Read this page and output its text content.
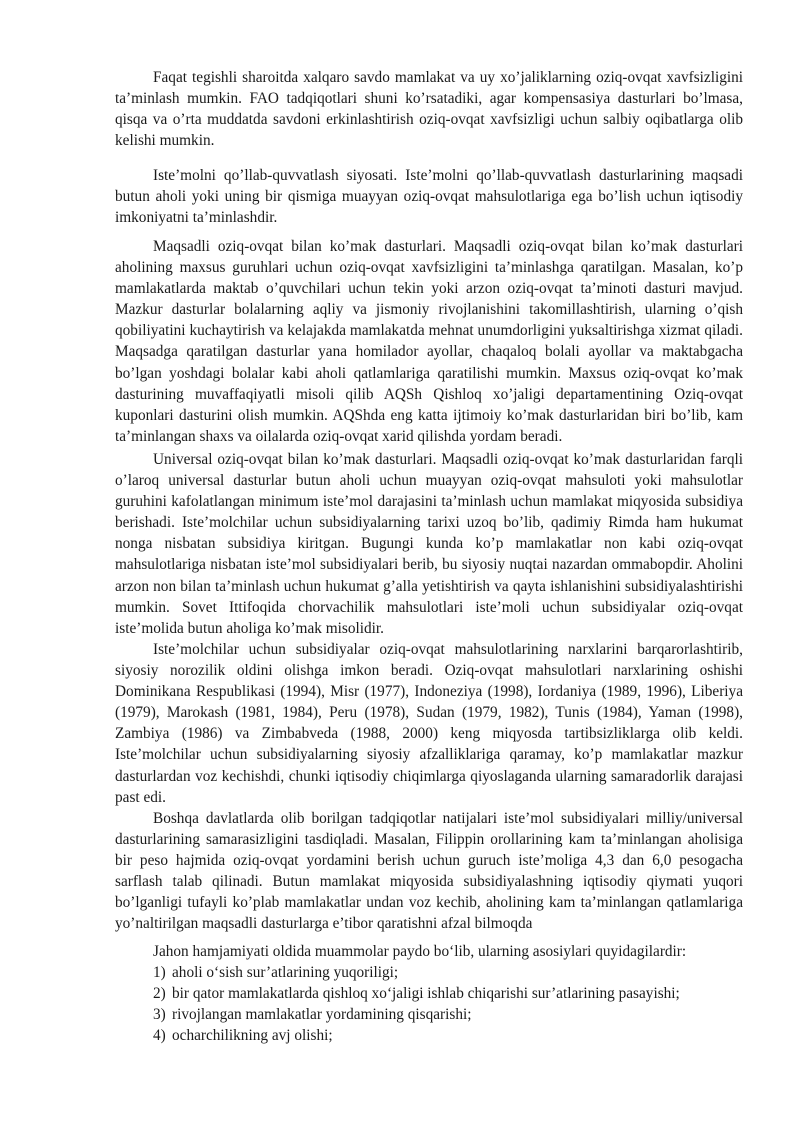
Faqat tegishli sharoitda xalqaro savdo mamlakat va uy xo’jaliklarning oziq-ovqat xavfsizligini ta’minlash mumkin. FAO tadqiqotlari shuni ko’rsatadiki, agar kompensasiya dasturlari bo’lmasa, qisqa va o’rta muddatda savdoni erkinlashtirish oziq-ovqat xavfsizligi uchun salbiy oqibatlarga olib kelishi mumkin.

Iste’molni qo’llab-quvvatlash siyosati. Iste’molni qo’llab-quvvatlash dasturlarining maqsadi butun aholi yoki uning bir qismiga muayyan oziq-ovqat mahsulotlariga ega bo’lish uchun iqtisodiy imkoniyatni ta’minlashdir.

Maqsadli oziq-ovqat bilan ko’mak dasturlari. Maqsadli oziq-ovqat bilan ko’mak dasturlari aholining maxsus guruhlari uchun oziq-ovqat xavfsizligini ta’minlashga qaratilgan. Masalan, ko’p mamlakatlarda maktab o’quvchilari uchun tekin yoki arzon oziq-ovqat ta’minoti dasturi mavjud. Mazkur dasturlar bolalarning aqliy va jismoniy rivojlanishini takomillashtirish, ularning o’qish qobiliyatini kuchaytirish va kelajakda mamlakatda mehnat unumdorligini yuksaltirishga xizmat qiladi. Maqsadga qaratilgan dasturlar yana homilador ayollar, chaqaloq bolali ayollar va maktabgacha bo’lgan yoshdagi bolalar kabi aholi qatlamlariga qaratilishi mumkin. Maxsus oziq-ovqat ko’mak dasturining muvaffaqiyatli misoli qilib AQSh Qishloq xo’jaligi departamentining Oziq-ovqat kuponlari dasturini olish mumkin. AQShda eng katta ijtimoiy ko’mak dasturlaridan biri bo’lib, kam ta’minlangan shaxs va oilalarda oziq-ovqat xarid qilishda yordam beradi.

Universal oziq-ovqat bilan ko’mak dasturlari. Maqsadli oziq-ovqat ko’mak dasturlaridan farqli o’laroq universal dasturlar butun aholi uchun muayyan oziq-ovqat mahsuloti yoki mahsulotlar guruhini kafolatlangan minimum iste’mol darajasini ta’minlash uchun mamlakat miqyosida subsidiya berishadi. Iste’molchilar uchun subsidiyalarning tarixi uzoq bo’lib, qadimiy Rimda ham hukumat nonga nisbatan subsidiya kiritgan. Bugungi kunda ko’p mamlakatlar non kabi oziq-ovqat mahsulotlariga nisbatan iste’mol subsidiyalari berib, bu siyosiy nuqtai nazardan ommabopdir. Aholini arzon non bilan ta’minlash uchun hukumat g’alla yetishtirish va qayta ishlanishini subsidiyalashtirishi mumkin. Sovet Ittifoqida chorvachilik mahsulotlari iste’moli uchun subsidiyalar oziq-ovqat iste’molida butun aholiga ko’mak misolidir.

Iste’molchilar uchun subsidiyalar oziq-ovqat mahsulotlarining narxlarini barqarorlashtirib, siyosiy norozilik oldini olishga imkon beradi. Oziq-ovqat mahsulotlari narxlarining oshishi Dominikana Respublikasi (1994), Misr (1977), Indoneziya (1998), Iordaniya (1989, 1996), Liberiya (1979), Marokash (1981, 1984), Peru (1978), Sudan (1979, 1982), Tunis (1984), Yaman (1998), Zambiya (1986) va Zimbabveda (1988, 2000) keng miqyosda tartibsizliklarga olib keldi. Iste’molchilar uchun subsidiyalarning siyosiy afzalliklariga qaramay, ko’p mamlakatlar mazkur dasturlardan voz kechishdi, chunki iqtisodiy chiqimlarga qiyoslaganda ularning samaradorlik darajasi past edi.

Boshqa davlatlarda olib borilgan tadqiqotlar natijalari iste’mol subsidiyalari milliy/universal dasturlarining samarasizligini tasdiqladi. Masalan, Filippin orollarining kam ta’minlangan aholisiga bir peso hajmida oziq-ovqat yordamini berish uchun guruch iste’moliga 4,3 dan 6,0 pesogacha sarflash talab qilinadi. Butun mamlakat miqyosida subsidiyalashning iqtisodiy qiymati yuqori bo’lganligi tufayli ko’plab mamlakatlar undan voz kechib, aholining kam ta’minlangan qatlamlariga yo’naltirilgan maqsadli dasturlarga e’tibor qaratishni afzal bilmoqda

Jahon hamjamiyati oldida muammolar paydo bo‘lib, ularning asosiylari quyidagilardir:

1) aholi o‘sish sur’atlarining yuqoriligi;

2) bir qator mamlakatlarda qishloq xo‘jaligi ishlab chiqarishi sur’atlarining pasayishi;

3) rivojlangan mamlakatlar yordamining qisqarishi;

4) ocharchilikning avj olishi;
